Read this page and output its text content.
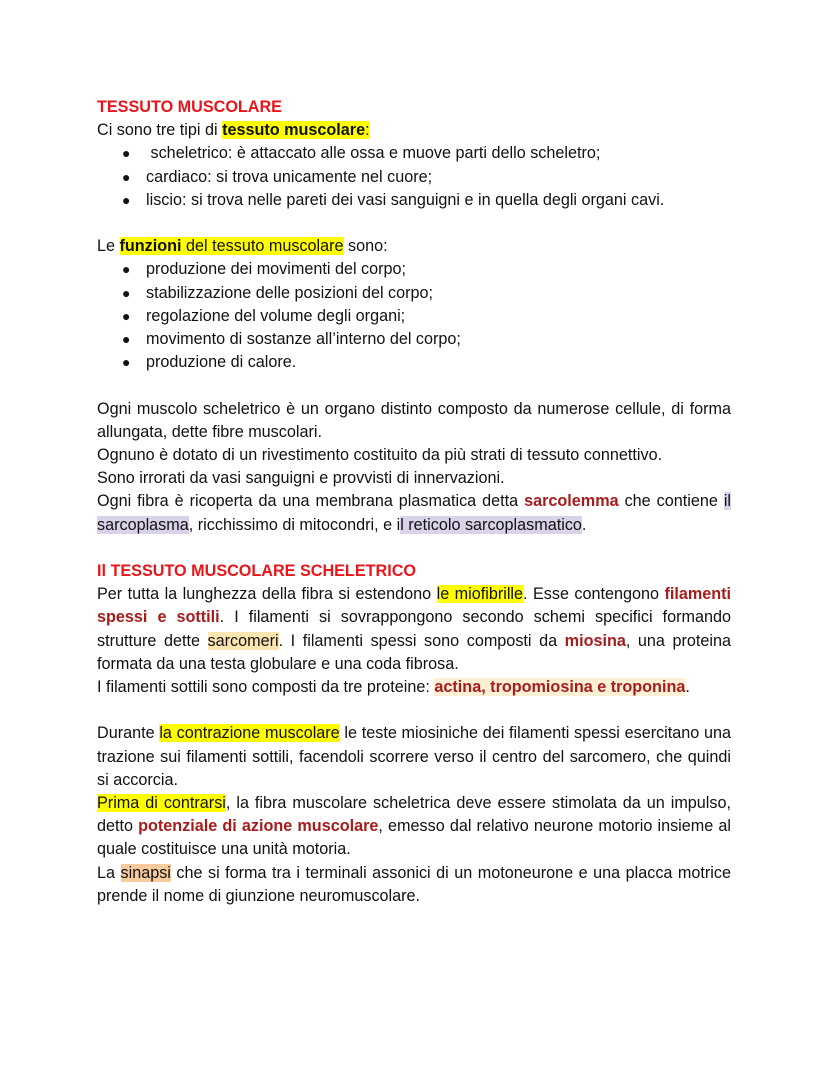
TESSUTO MUSCOLARE

Ci sono tre tipi di tessuto muscolare:

● scheletrico: è attaccato alle ossa e muove parti dello scheletro;
● cardiaco: si trova unicamente nel cuore;
● liscio: si trova nelle pareti dei vasi sanguigni e in quella degli organi cavi.

Le funzioni del tessuto muscolare sono:

● produzione dei movimenti del corpo;
● stabilizzazione delle posizioni del corpo;
● regolazione del volume degli organi;
● movimento di sostanze all’interno del corpo;
● produzione di calore.

Ogni muscolo scheletrico è un organo distinto composto da numerose cellule, di forma allungata, dette fibre muscolari.

Ognuno è dotato di un rivestimento costituito da più strati di tessuto connettivo.

Sono irrorati da vasi sanguigni e provvisti di innervazioni.

Ogni fibra è ricoperta da una membrana plasmatica detta sarcolemma che contiene il sarcoplasma, ricchissimo di mitocondri, e il reticolo sarcoplasmatico.

Il TESSUTO MUSCOLARE SCHELETRICO

Per tutta la lunghezza della fibra si estendono le miofibrille. Esse contengono filamenti spessi e sottili. I filamenti si sovrappongono secondo schemi specifici formando strutture dette sarcomeri. I filamenti spessi sono composti da miosina, una proteina formata da una testa globulare e una coda fibrosa.

I filamenti sottili sono composti da tre proteine: actina, tropomiosina e troponina.

Durante la contrazione muscolare le teste miosiniche dei filamenti spessi esercitano una trazione sui filamenti sottili, facendoli scorrere verso il centro del sarcomero, che quindi si accorcia.

Prima di contrarsi, la fibra muscolare scheletrica deve essere stimolata da un impulso, detto potenziale di azione muscolare, emesso dal relativo neurone motorio insieme al quale costituisce una unità motoria.

La sinapsi che si forma tra i terminali assonici di un motoneurone e una placca motrice prende il nome di giunzione neuromuscolare.
